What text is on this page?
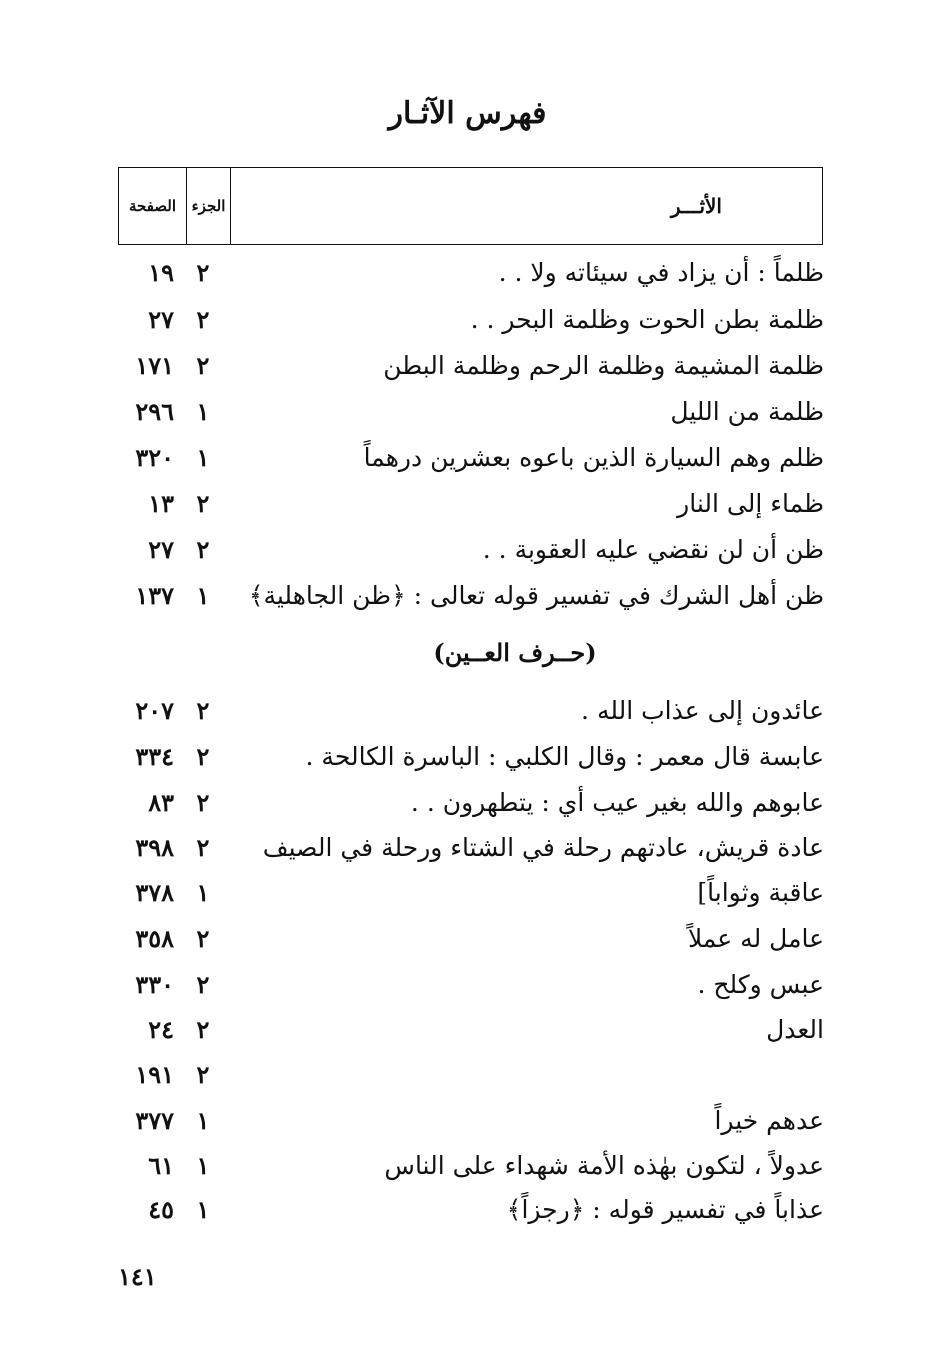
فهرس الآثـار
الأثـــر
الجزء
الصفحة
ظلماً : أن يزاد في سيئاته ولا . .
٢
١٩
ظلمة بطن الحوت وظلمة البحر . .
٢
٢٧
ظلمة المشيمة وظلمة الرحم وظلمة البطن
٢
١٧١
ظلمة من الليل
١
٢٩٦
ظلم وهم السيارة الذين باعوه بعشرين درهماً
١
٣٢٠
ظماء إلى النار
٢
١٣
ظن أن لن نقضي عليه العقوبة . .
٢
٢٧
ظن أهل الشرك في تفسير قوله تعالى : ﴿ظن الجاهلية﴾
١
١٣٧
(حــرف العــين)
عائدون إلى عذاب الله .
٢
٢٠٧
عابسة قال معمر : وقال الكلبي : الباسرة الكالحة .
٢
٣٣٤
عابوهم والله بغير عيب أي : يتطهرون . .
٢
٨٣
عادة قريش، عادتهم رحلة في الشتاء ورحلة في الصيف
٢
٣٩٨
عاقبة وثواباً]
١
٣٧٨
عامل له عملاً
٢
٣٥٨
عبس وكلح .
٢
٣٣٠
العدل
٢
٢٤
٢
١٩١
عدهم خيراً
١
٣٧٧
عدولاً ، لتكون بهٰذه الأمة شهداء على الناس
١
٦١
عذاباً في تفسير قوله : ﴿رجزاً﴾
١
٤٥
١٤١
